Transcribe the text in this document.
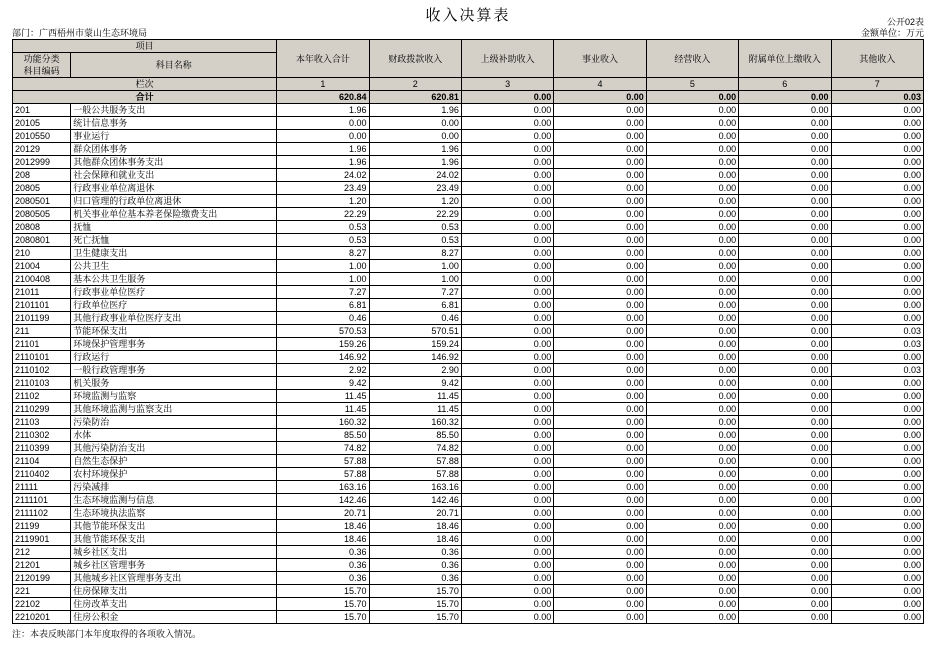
收入决算表	公开02表
金额单位：万元
部门：广西梧州市蒙山生态环境局
项目		本年收入合计	财政拨款收入	上级补助收入	事业收入	经营收入	附属单位上缴收入	其他收入

功能分类
科目编码	科目名称							
栏次		1	2	3	4	5	6	7
合计		620.84	620.81	0.00	0.00	0.00	0.00	0.03
201	一般公共服务支出	1.96	1.96	0.00	0.00	0.00	0.00	0.00
20105	统计信息事务	0.00	0.00	0.00	0.00	0.00	0.00	0.00
2010550	事业运行	0.00	0.00	0.00	0.00	0.00	0.00	0.00
20129	群众团体事务	1.96	1.96	0.00	0.00	0.00	0.00	0.00
2012999	其他群众团体事务支出	1.96	1.96	0.00	0.00	0.00	0.00	0.00
208	社会保障和就业支出	24.02	24.02	0.00	0.00	0.00	0.00	0.00
20805	行政事业单位离退休	23.49	23.49	0.00	0.00	0.00	0.00	0.00
2080501	归口管理的行政单位离退休	1.20	1.20	0.00	0.00	0.00	0.00	0.00
2080505	机关事业单位基本养老保险缴费支出	22.29	22.29	0.00	0.00	0.00	0.00	0.00
20808	抚恤	0.53	0.53	0.00	0.00	0.00	0.00	0.00
2080801	死亡抚恤	0.53	0.53	0.00	0.00	0.00	0.00	0.00
210	卫生健康支出	8.27	8.27	0.00	0.00	0.00	0.00	0.00
21004	公共卫生	1.00	1.00	0.00	0.00	0.00	0.00	0.00
2100408	基本公共卫生服务	1.00	1.00	0.00	0.00	0.00	0.00	0.00
21011	行政事业单位医疗	7.27	7.27	0.00	0.00	0.00	0.00	0.00
2101101	行政单位医疗	6.81	6.81	0.00	0.00	0.00	0.00	0.00
2101199	其他行政事业单位医疗支出	0.46	0.46	0.00	0.00	0.00	0.00	0.00
211	节能环保支出	570.53	570.51	0.00	0.00	0.00	0.00	0.03
21101	环境保护管理事务	159.26	159.24	0.00	0.00	0.00	0.00	0.03
2110101	行政运行	146.92	146.92	0.00	0.00	0.00	0.00	0.00
2110102	一般行政管理事务	2.92	2.90	0.00	0.00	0.00	0.00	0.03
2110103	机关服务	9.42	9.42	0.00	0.00	0.00	0.00	0.00
21102	环境监测与监察	11.45	11.45	0.00	0.00	0.00	0.00	0.00
2110299	其他环境监测与监察支出	11.45	11.45	0.00	0.00	0.00	0.00	0.00
21103	污染防治	160.32	160.32	0.00	0.00	0.00	0.00	0.00
2110302	水体	85.50	85.50	0.00	0.00	0.00	0.00	0.00
2110399	其他污染防治支出	74.82	74.82	0.00	0.00	0.00	0.00	0.00
21104	自然生态保护	57.88	57.88	0.00	0.00	0.00	0.00	0.00
2110402	农村环境保护	57.88	57.88	0.00	0.00	0.00	0.00	0.00
21111	污染减排	163.16	163.16	0.00	0.00	0.00	0.00	0.00
2111101	生态环境监测与信息	142.46	142.46	0.00	0.00	0.00	0.00	0.00
2111102	生态环境执法监察	20.71	20.71	0.00	0.00	0.00	0.00	0.00
21199	其他节能环保支出	18.46	18.46	0.00	0.00	0.00	0.00	0.00
2119901	其他节能环保支出	18.46	18.46	0.00	0.00	0.00	0.00	0.00
212	城乡社区支出	0.36	0.36	0.00	0.00	0.00	0.00	0.00
21201	城乡社区管理事务	0.36	0.36	0.00	0.00	0.00	0.00	0.00
2120199	其他城乡社区管理事务支出	0.36	0.36	0.00	0.00	0.00	0.00	0.00
221	住房保障支出	15.70	15.70	0.00	0.00	0.00	0.00	0.00
22102	住房改革支出	15.70	15.70	0.00	0.00	0.00	0.00	0.00
2210201	住房公积金	15.70	15.70	0.00	0.00	0.00	0.00	0.00
注：本表反映部门本年度取得的各项收入情况。
